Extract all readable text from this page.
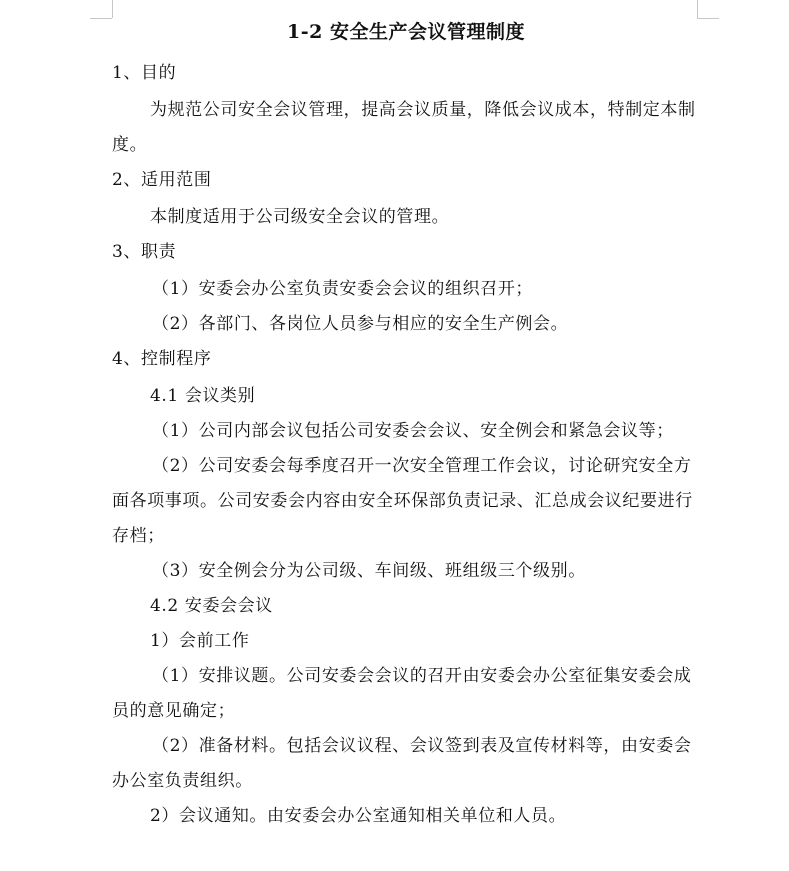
1-2 安全生产会议管理制度

1、目的

为规范公司安全会议管理，提高会议质量，降低会议成本，特制定本制度。

2、适用范围

本制度适用于公司级安全会议的管理。

3、职责

（1）安委会办公室负责安委会会议的组织召开；

（2）各部门、各岗位人员参与相应的安全生产例会。

4、控制程序

4.1 会议类别

（1）公司内部会议包括公司安委会会议、安全例会和紧急会议等；

（2）公司安委会每季度召开一次安全管理工作会议，讨论研究安全方面各项事项。公司安委会内容由安全环保部负责记录、汇总成会议纪要进行存档；

（3）安全例会分为公司级、车间级、班组级三个级别。

4.2 安委会会议

1）会前工作

（1）安排议题。公司安委会会议的召开由安委会办公室征集安委会成员的意见确定；

（2）准备材料。包括会议议程、会议签到表及宣传材料等，由安委会办公室负责组织。

2）会议通知。由安委会办公室通知相关单位和人员。
